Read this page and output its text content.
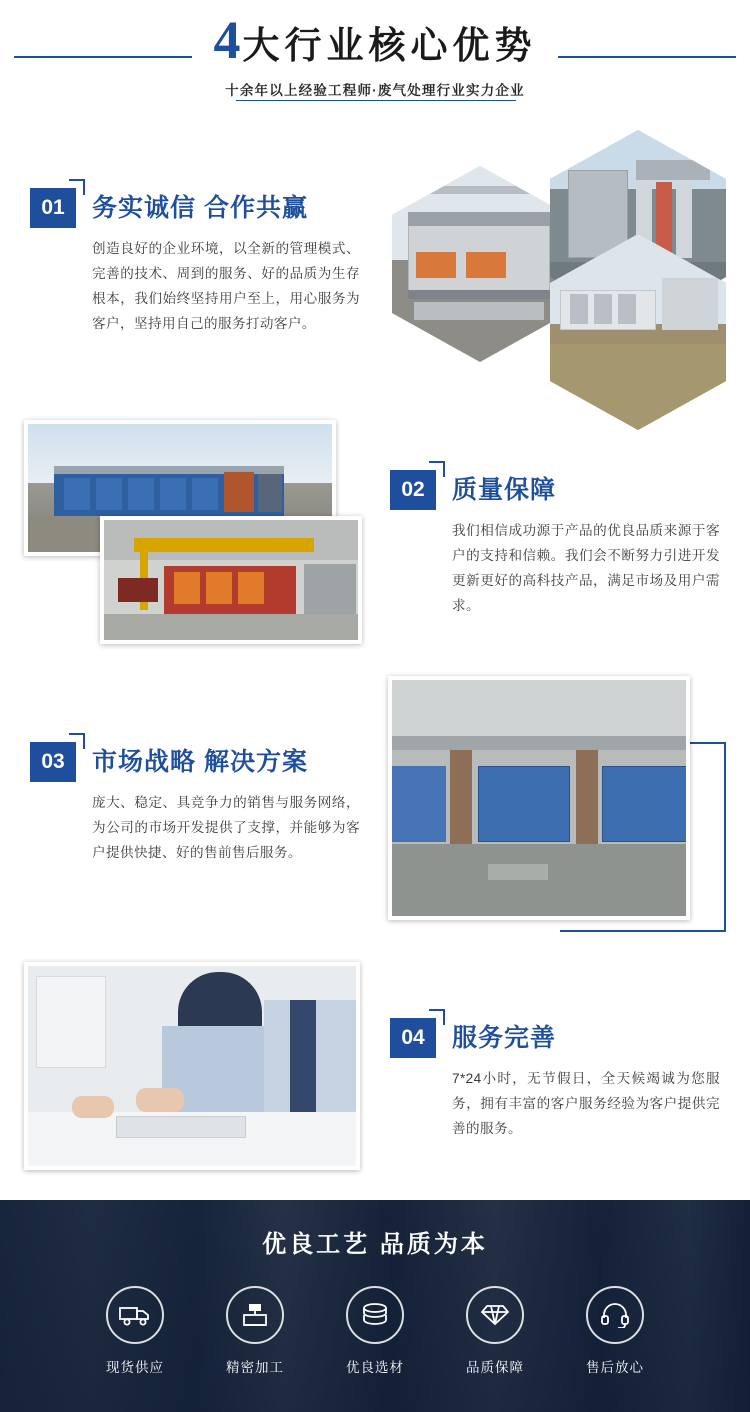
4 大行业核心优势
十余年以上经验工程师·废气处理行业实力企业
01	务实诚信 合作共赢
创造良好的企业环境，以全新的管理模式、完善的技术、周到的服务、好的品质为生存根本，我们始终坚持用户至上，用心服务为客户，坚持用自己的服务打动客户。
02	质量保障
我们相信成功源于产品的优良品质来源于客户的支持和信赖。我们会不断努力引进开发更新更好的高科技产品，满足市场及用户需求。
03	市场战略 解决方案
庞大、稳定、具竞争力的销售与服务网络，为公司的市场开发提供了支撑，并能够为客户提供快捷、好的售前售后服务。
04	服务完善
7*24小时，无节假日，全天候竭诚为您服务，拥有丰富的客户服务经验为客户提供完善的服务。
优良工艺 品质为本
现货供应	精密加工	优良选材	品质保障	售后放心
